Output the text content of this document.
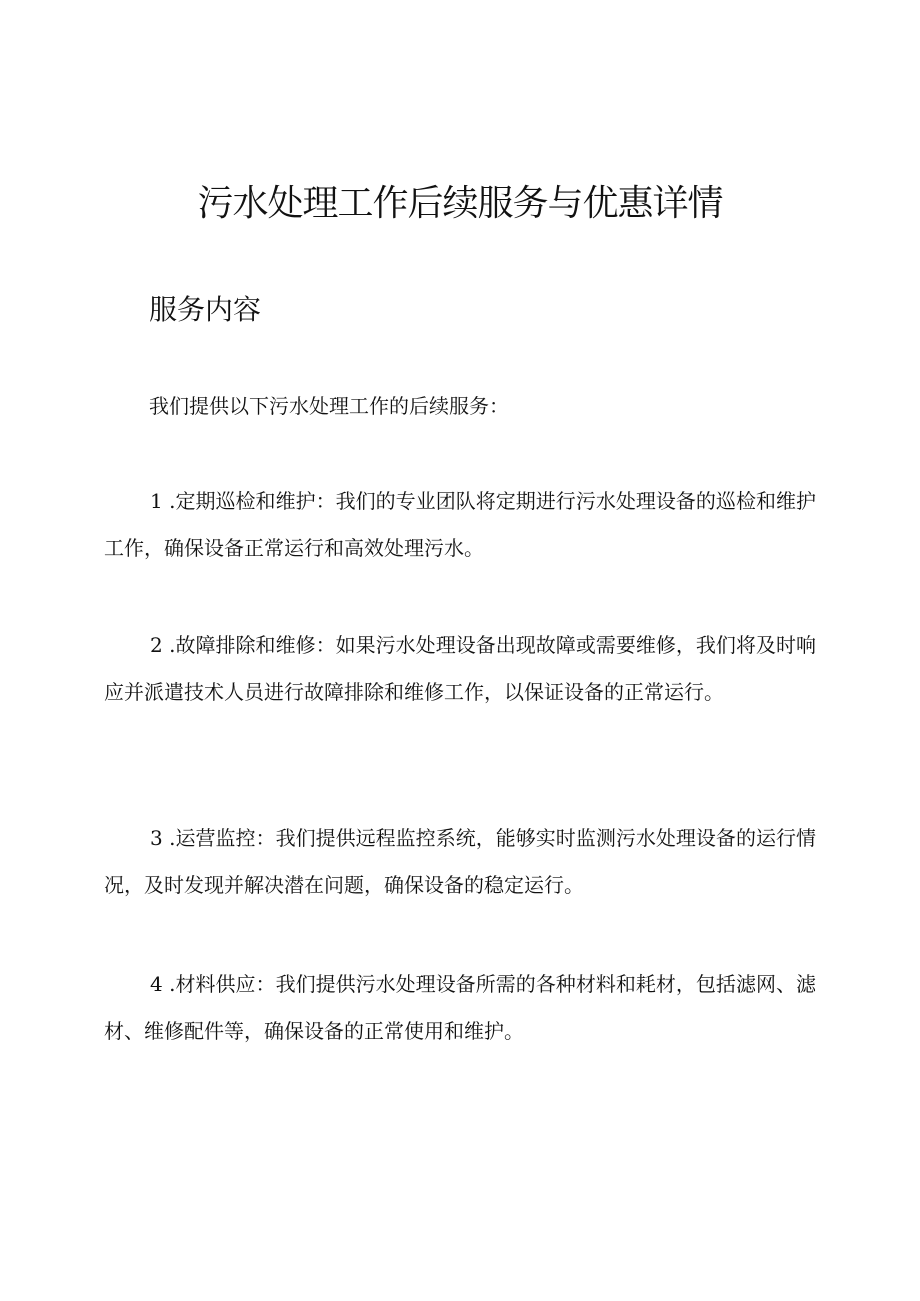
污水处理工作后续服务与优惠详情
服务内容

我们提供以下污水处理工作的后续服务：

1 .定期巡检和维护：我们的专业团队将定期进行污水处理设备的巡检和维护工作，确保设备正常运行和高效处理污水。
2 .故障排除和维修：如果污水处理设备出现故障或需要维修，我们将及时响应并派遣技术人员进行故障排除和维修工作，以保证设备的正常运行。
3 .运营监控：我们提供远程监控系统，能够实时监测污水处理设备的运行情况，及时发现并解决潜在问题，确保设备的稳定运行。
4 .材料供应：我们提供污水处理设备所需的各种材料和耗材，包括滤网、滤材、维修配件等，确保设备的正常使用和维护。
